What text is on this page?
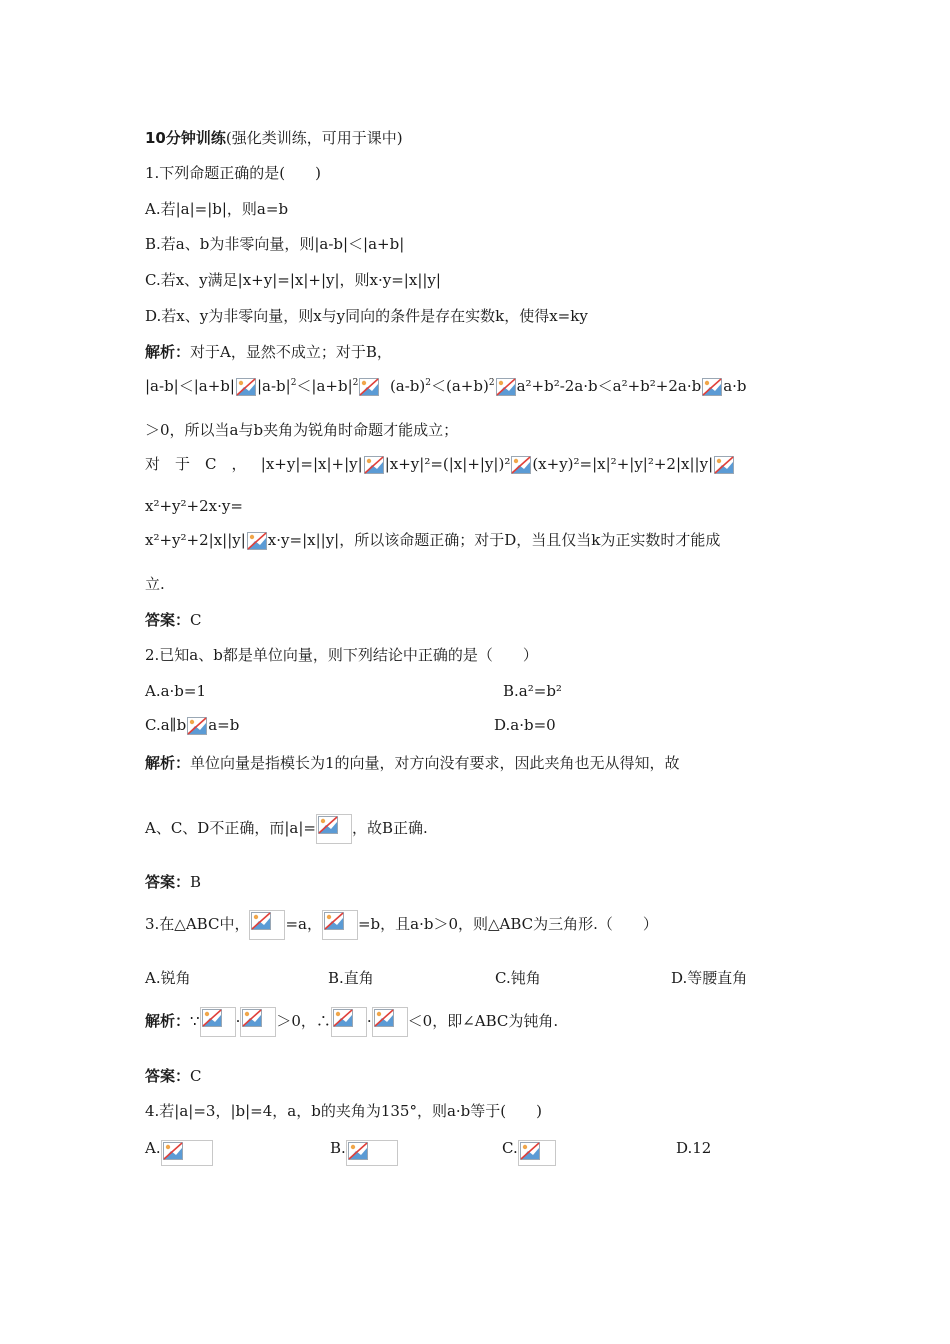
10分钟训练(强化类训练，可用于课中)
1.下列命题正确的是(　　)
A.若|a|=|b|，则a=b
B.若a、b为非零向量，则|a-b|＜|a+b|
C.若x、y满足|x+y|=|x|+|y|，则x·y=|x||y|
D.若x、y为非零向量，则x与y同向的条件是存在实数k，使得x=ky
解析：对于A，显然不成立；对于B，
|a-b|＜|a+b| $|a-b|^2<|a+b|^2$ $(a-b)^2<(a+b)^2$ a²+b²-2a·b＜a²+b²+2a·b a·b
＞0，所以当a与b夹角为锐角时命题才能成立；
对　于　C　， |x+y|=|x|+|y| |x+y|²=(|x|+|y|)² (x+y)²=|x|²+|y|²+2|x||y|
x²+y²+2x·y=
x²+y²+2|x||y| x·y=|x||y|，所以该命题正确；对于D，当且仅当k为正实数时才能成
立.
答案：C
2.已知a、b都是单位向量，则下列结论中正确的是（　　）
A.a·b=1	B.a²=b²
C.a∥b a=b	D.a·b=0
解析：单位向量是指模长为1的向量，对方向没有要求，因此夹角也无从得知，故
A、C、D不正确，而|a|= ，故B正确.
答案：B
3.在△ABC中， =a， =b，且a·b＞0，则△ABC为三角形.（　　）
A.锐角	B.直角	C.钝角	D.等腰直角
解析：∵ · ＞0，∴ · ＜0，即∠ABC为钝角.
答案：C
4.若|a|=3，|b|=4，a，b的夹角为135°，则a·b等于(　　)
A.	B.	C.	D.12
